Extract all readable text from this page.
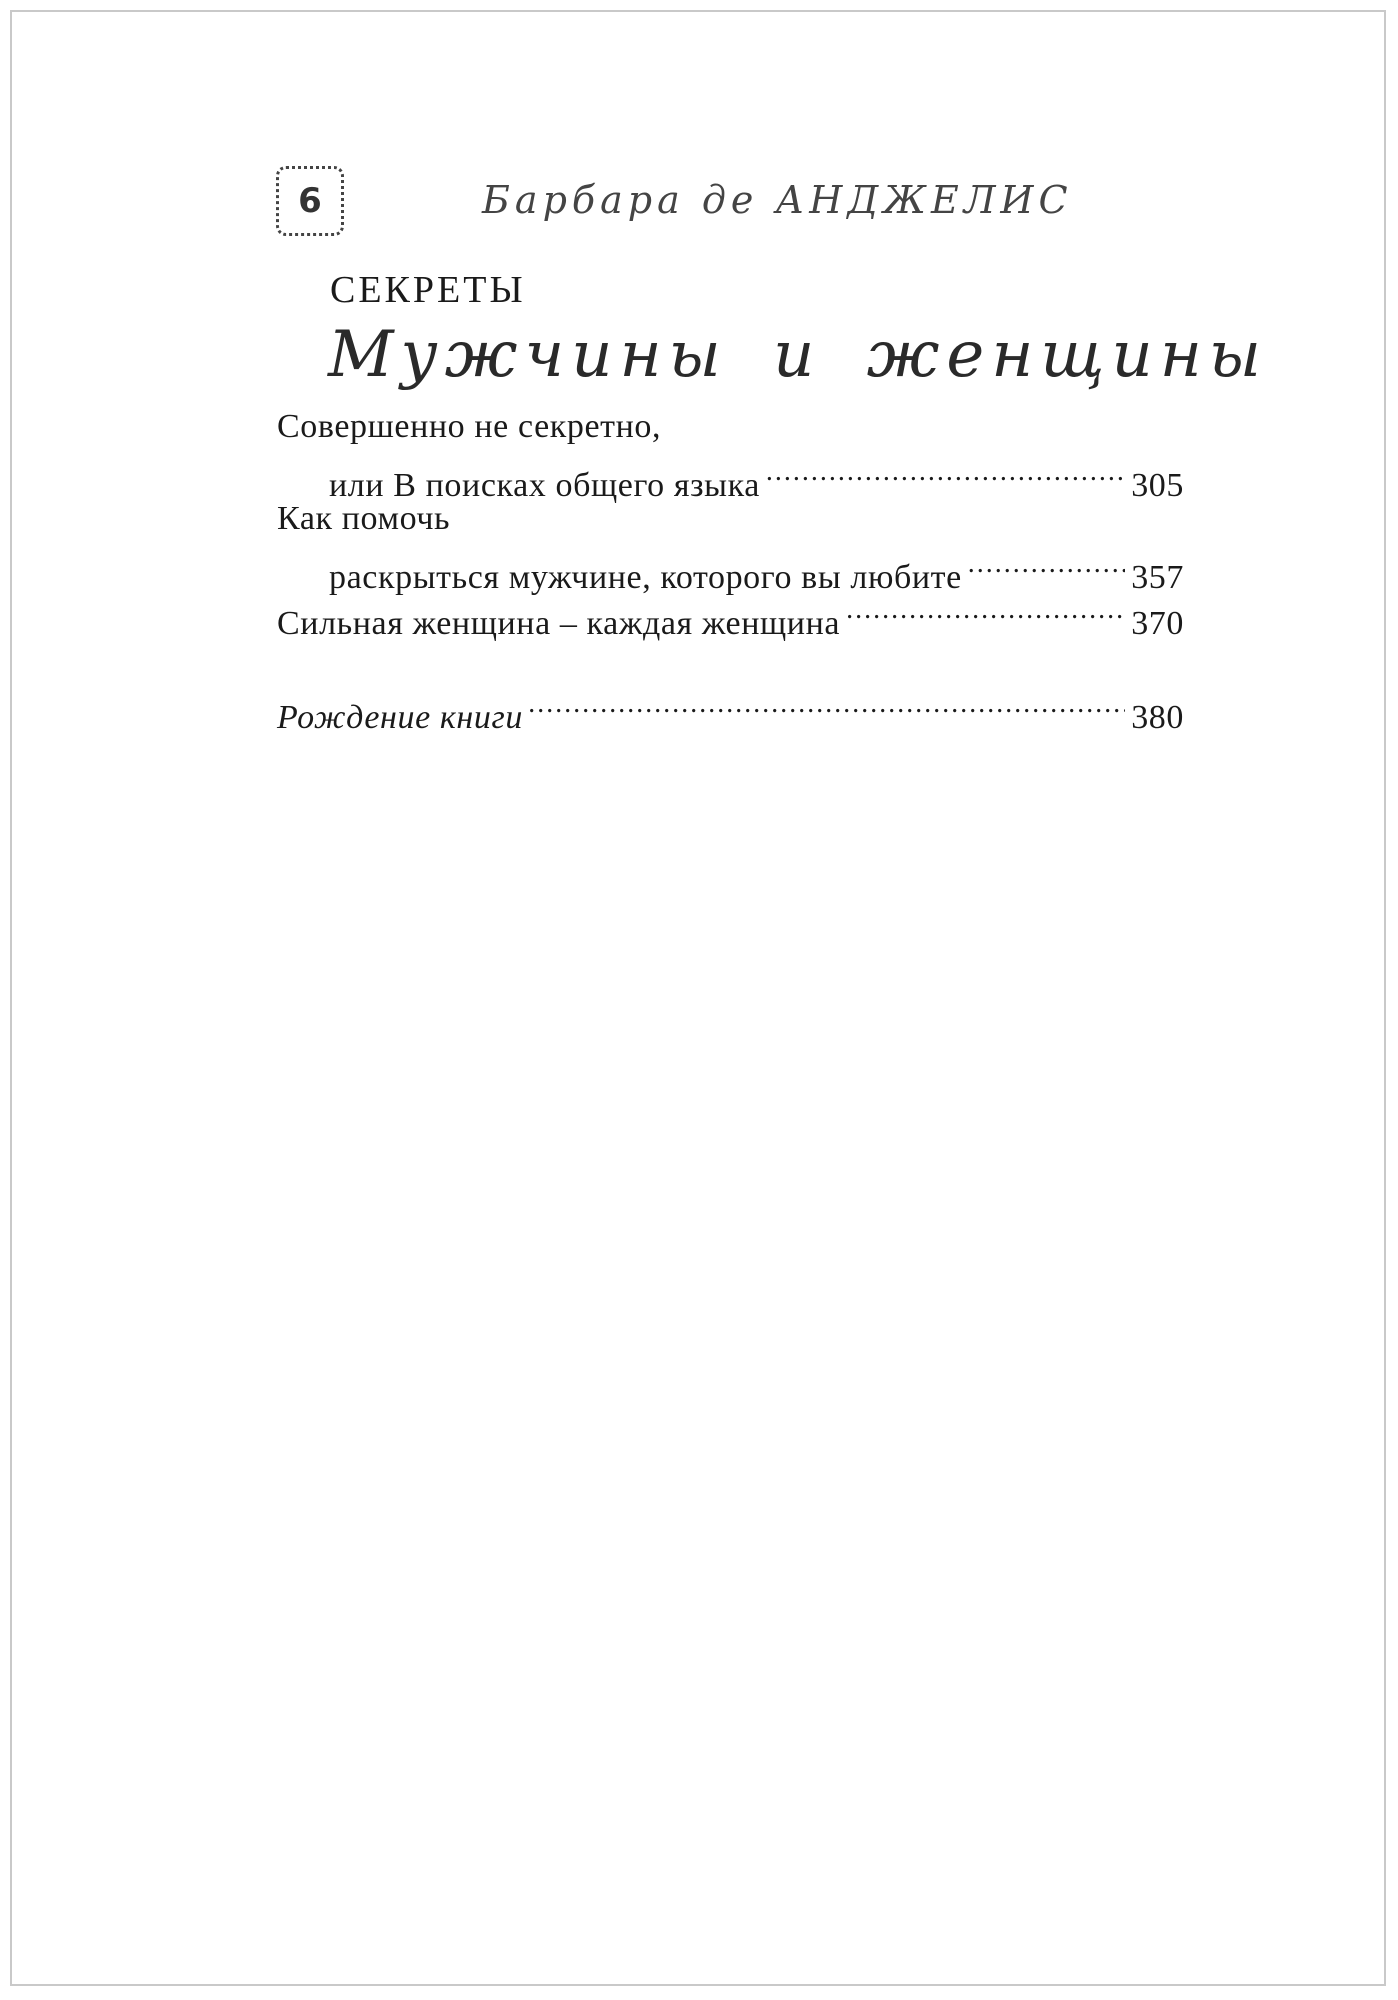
6	Барбара де АНДЖЕЛИС
СЕКРЕТЫ
Мужчины и женщины
Совершенно не секретно,
или В поисках общего языка .....	305
Как помочь
раскрыться мужчине, которого вы любите .....	357
Сильная женщина – каждая женщина .....	370
Рождение книги .....	380
